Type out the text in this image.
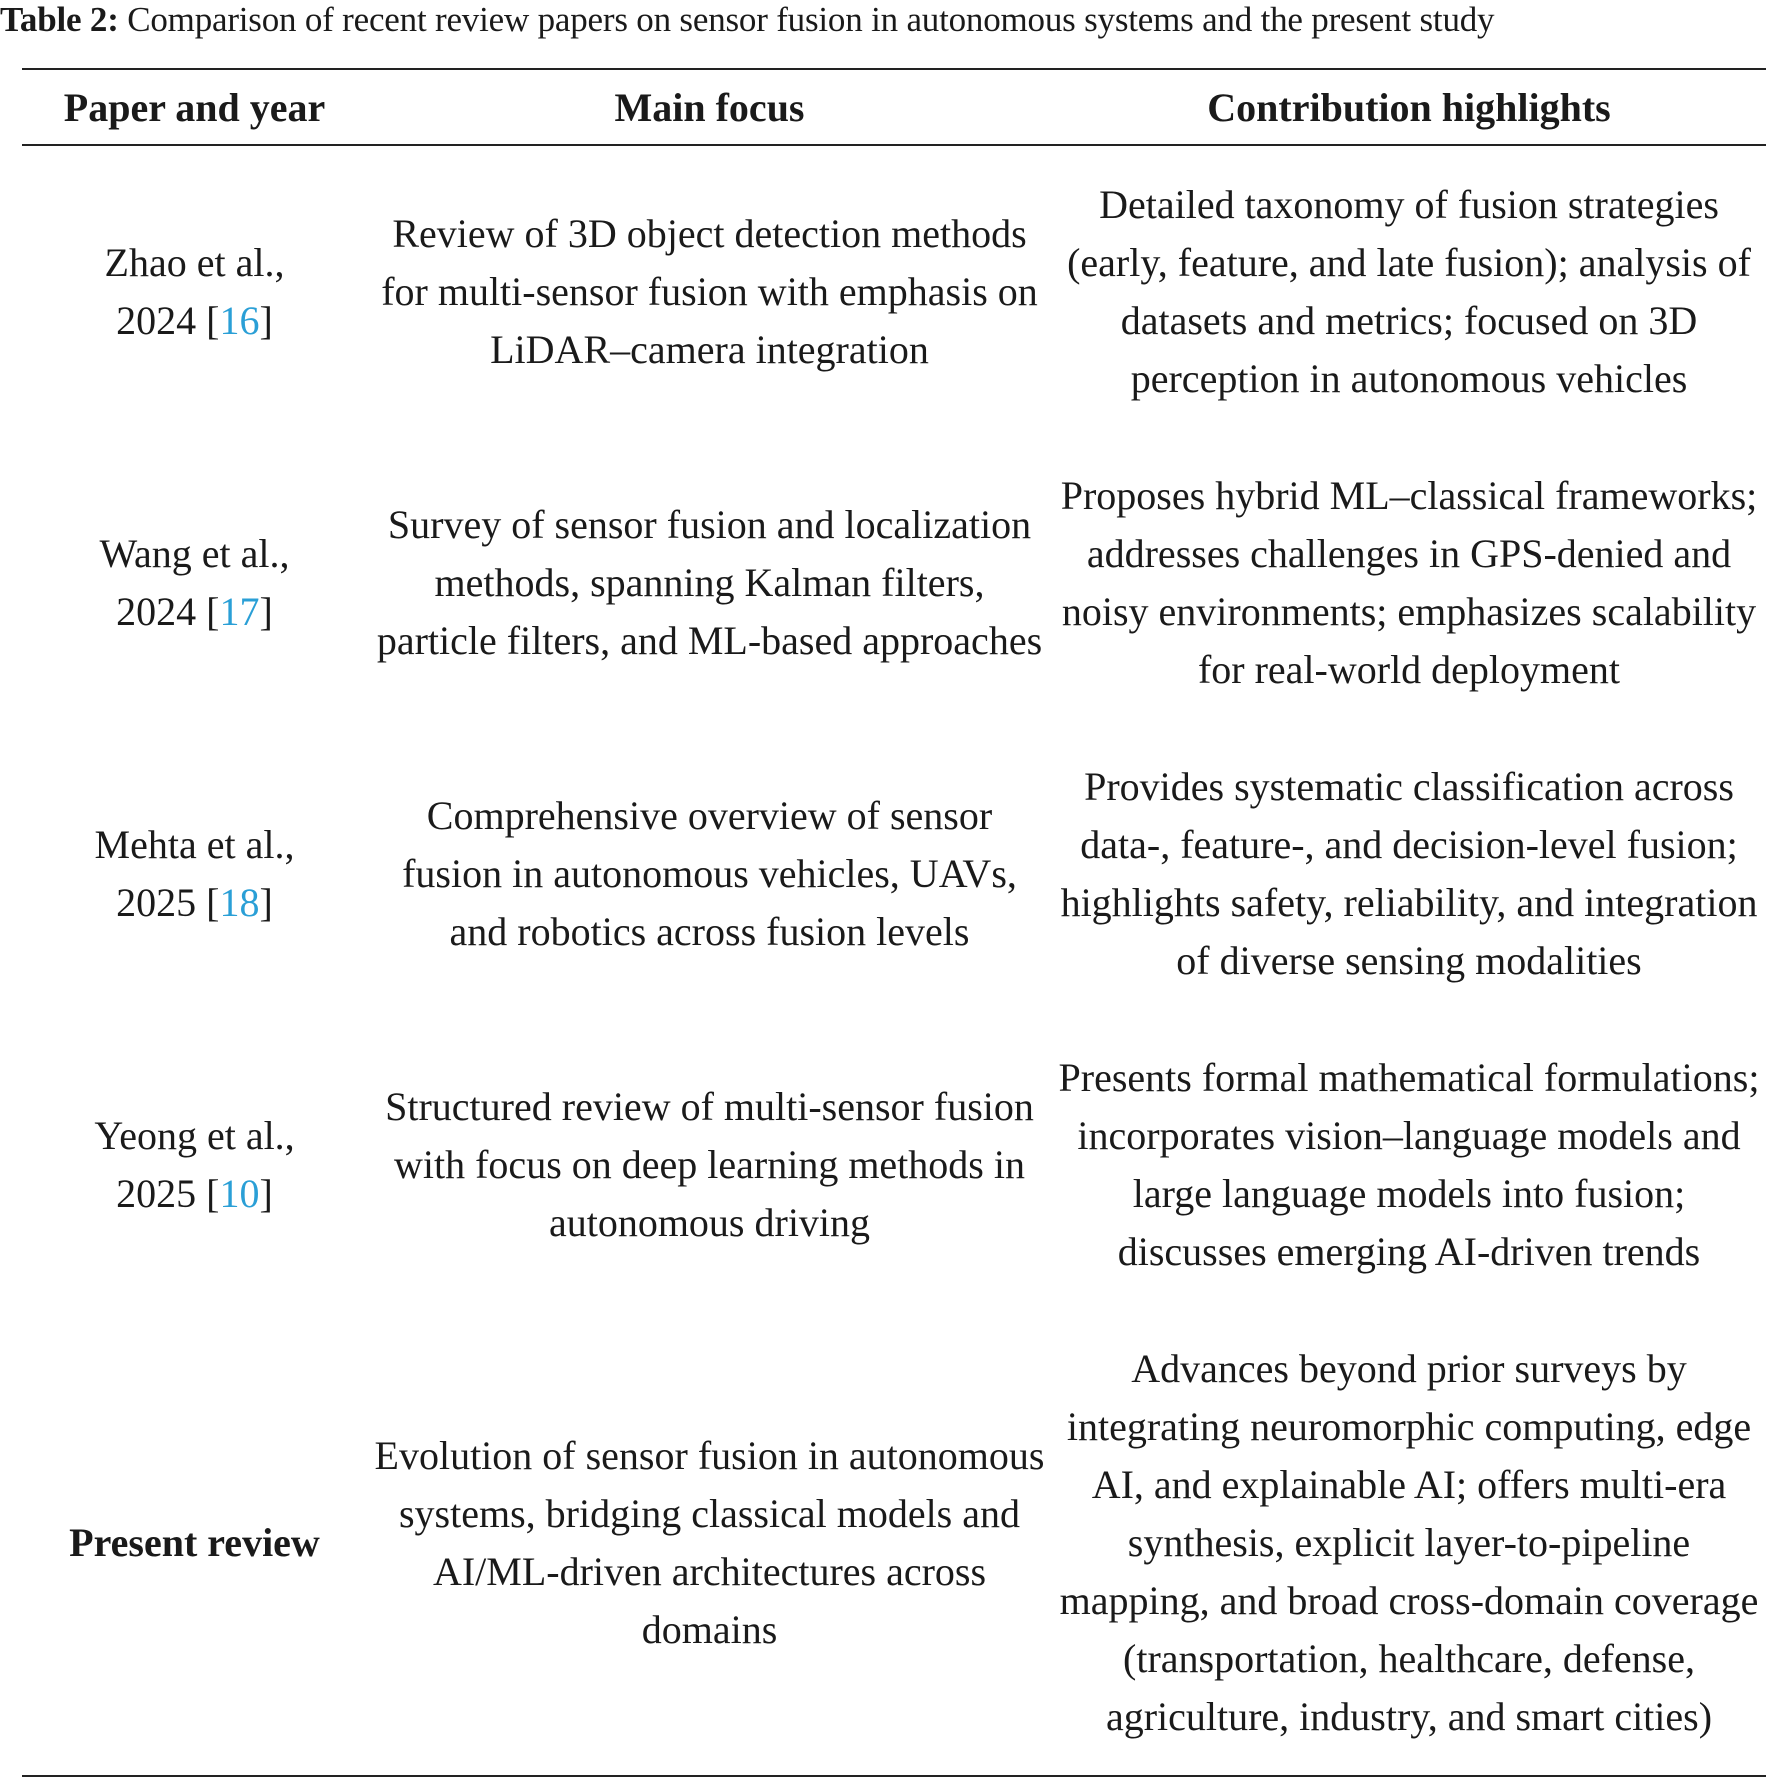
Table 2: Comparison of recent review papers on sensor fusion in autonomous systems and the present study
Paper and year	Main focus	Contribution highlights
Zhao et al.,
2024 [16]	Review of 3D object detection methods for multi-sensor fusion with emphasis on LiDAR–camera integration	Detailed taxonomy of fusion strategies (early, feature, and late fusion); analysis of datasets and metrics; focused on 3D perception in autonomous vehicles
Wang et al.,
2024 [17]	Survey of sensor fusion and localization methods, spanning Kalman filters, particle filters, and ML-based approaches	Proposes hybrid ML–classical frameworks; addresses challenges in GPS-denied and noisy environments; emphasizes scalability for real-world deployment
Mehta et al.,
2025 [18]	Comprehensive overview of sensor fusion in autonomous vehicles, UAVs, and robotics across fusion levels	Provides systematic classification across data-, feature-, and decision-level fusion; highlights safety, reliability, and integration of diverse sensing modalities
Yeong et al.,
2025 [10]	Structured review of multi-sensor fusion with focus on deep learning methods in autonomous driving	Presents formal mathematical formulations; incorporates vision–language models and large language models into fusion; discusses emerging AI-driven trends
Present review	Evolution of sensor fusion in autonomous systems, bridging classical models and AI/ML-driven architectures across domains	Advances beyond prior surveys by integrating neuromorphic computing, edge AI, and explainable AI; offers multi-era synthesis, explicit layer-to-pipeline mapping, and broad cross-domain coverage (transportation, healthcare, defense, agriculture, industry, and smart cities)
